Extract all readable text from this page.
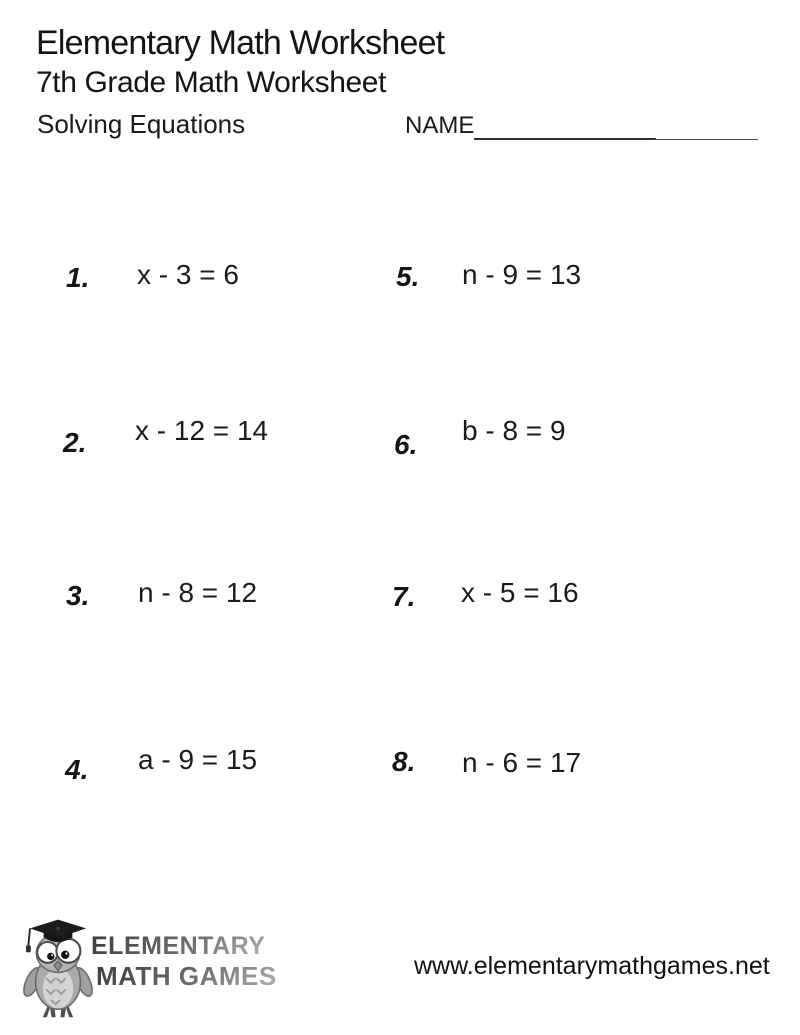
Elementary Math Worksheet
7th Grade Math Worksheet
Solving Equations	NAME
1. x - 3 = 6
2. x - 12 = 14
3. n - 8 = 12
4. a - 9 = 15
5. n - 9 = 13
6. b - 8 = 9
7. x - 5 = 16
8. n - 6 = 17
ELEMENTARY
MATH GAMES	www.elementarymathgames.net
